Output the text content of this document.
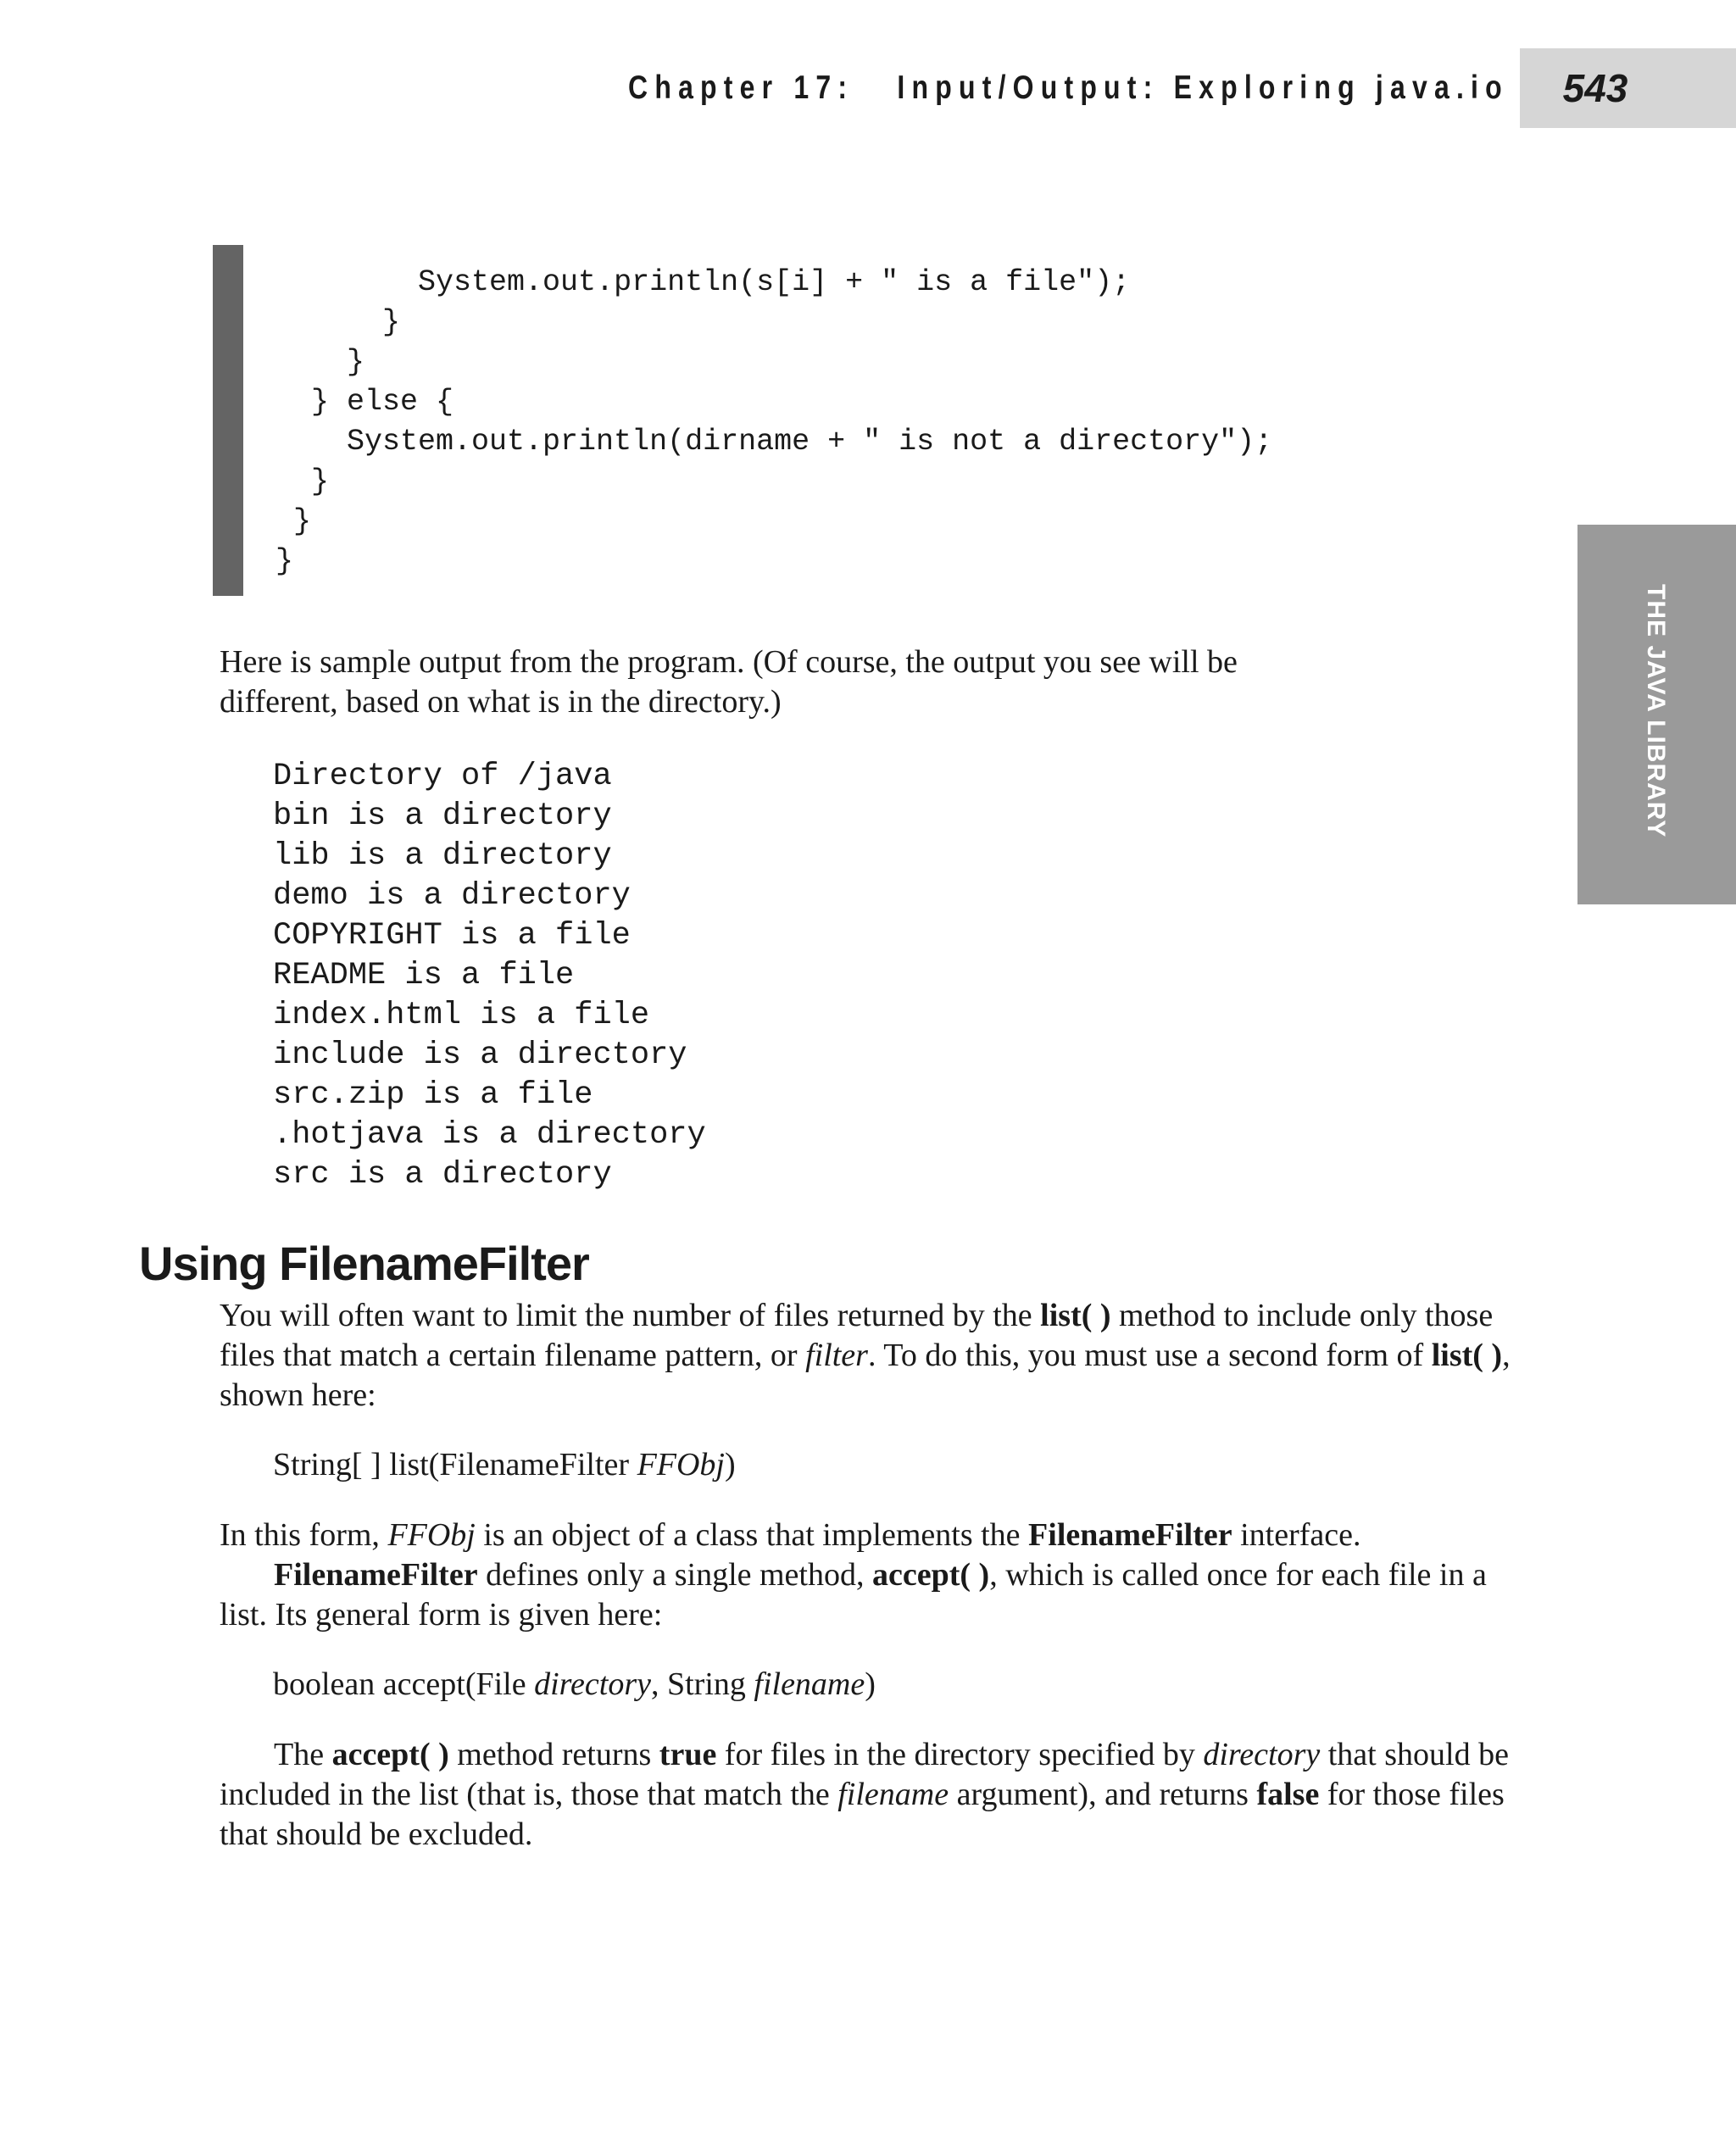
Chapter 17:   Input/Output: Exploring java.io	543
THE JAVA LIBRARY
System.out.println(s[i] + " is a file");
}
}
} else {
System.out.println(dirname + " is not a directory");
}
}
}

Here is sample output from the program. (Of course, the output you see will be
different, based on what is in the directory.)

Directory of /java
bin is a directory
lib is a directory
demo is a directory
COPYRIGHT is a file
README is a file
index.html is a file
include is a directory
src.zip is a file
.hotjava is a directory
src is a directory
Using FilenameFilter

You will often want to limit the number of files returned by the list( ) method to include only those files that match a certain filename pattern, or filter. To do this, you must use a second form of list( ), shown here:

String[ ] list(FilenameFilter FFObj)

In this form, FFObj is an object of a class that implements the FilenameFilter interface.

FilenameFilter defines only a single method, accept( ), which is called once for each file in a list. Its general form is given here:

boolean accept(File directory, String filename)

The accept( ) method returns true for files in the directory specified by directory that should be included in the list (that is, those that match the filename argument), and returns false for those files that should be excluded.
